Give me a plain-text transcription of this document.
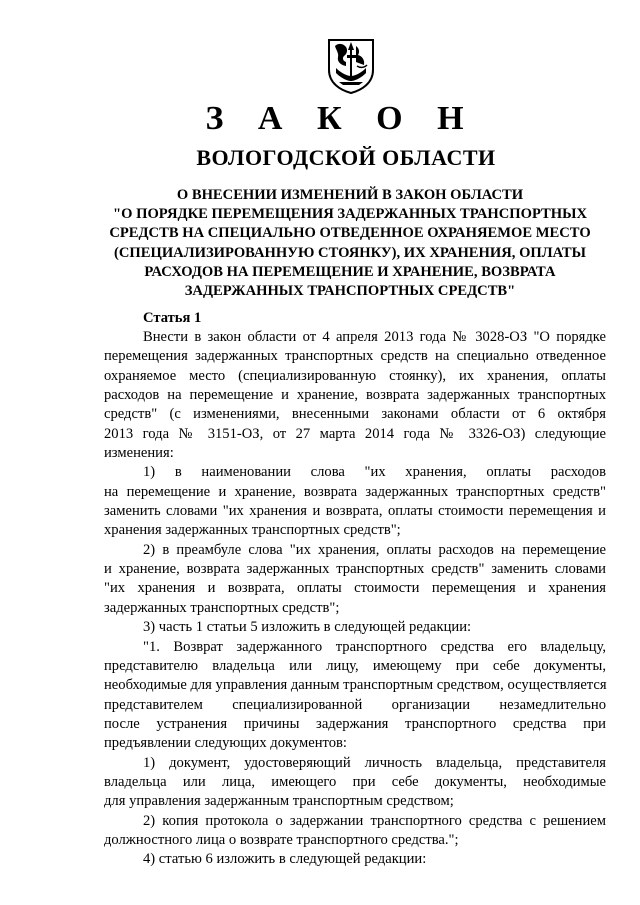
З А К О Н
ВОЛОГОДСКОЙ ОБЛАСТИ
О ВНЕСЕНИИ ИЗМЕНЕНИЙ В ЗАКОН ОБЛАСТИ
"О ПОРЯДКЕ ПЕРЕМЕЩЕНИЯ ЗАДЕРЖАННЫХ ТРАНСПОРТНЫХ
СРЕДСТВ НА СПЕЦИАЛЬНО ОТВЕДЕННОЕ ОХРАНЯЕМОЕ МЕСТО
(СПЕЦИАЛИЗИРОВАННУЮ СТОЯНКУ), ИХ ХРАНЕНИЯ, ОПЛАТЫ
РАСХОДОВ НА ПЕРЕМЕЩЕНИЕ И ХРАНЕНИЕ, ВОЗВРАТА
ЗАДЕРЖАННЫХ ТРАНСПОРТНЫХ СРЕДСТВ"
Статья 1
Внести в закон области от 4 апреля 2013 года № 3028-ОЗ "О порядке
перемещения задержанных транспортных средств на специально отведенное
охраняемое место (специализированную стоянку), их хранения, оплаты
расходов на перемещение и хранение, возврата задержанных транспортных
средств" (с изменениями, внесенными законами области от 6 октября
2013 года № 3151-ОЗ, от 27 марта 2014 года № 3326-ОЗ) следующие
изменения:
1) в наименовании слова "их хранения, оплаты расходов
на перемещение и хранение, возврата задержанных транспортных средств"
заменить словами "их хранения и возврата, оплаты стоимости перемещения и
хранения задержанных транспортных средств";
2) в преамбуле слова "их хранения, оплаты расходов на перемещение
и хранение, возврата задержанных транспортных средств" заменить словами
"их хранения и возврата, оплаты стоимости перемещения и хранения
задержанных транспортных средств";
3) часть 1 статьи 5 изложить в следующей редакции:
"1. Возврат задержанного транспортного средства его владельцу,
представителю владельца или лицу, имеющему при себе документы,
необходимые для управления данным транспортным средством, осуществляется
представителем специализированной организации незамедлительно
после устранения причины задержания транспортного средства при
предъявлении следующих документов:
1) документ, удостоверяющий личность владельца, представителя
владельца или лица, имеющего при себе документы, необходимые
для управления задержанным транспортным средством;
2) копия протокола о задержании транспортного средства с решением
должностного лица о возврате транспортного средства.";
4) статью 6 изложить в следующей редакции:
